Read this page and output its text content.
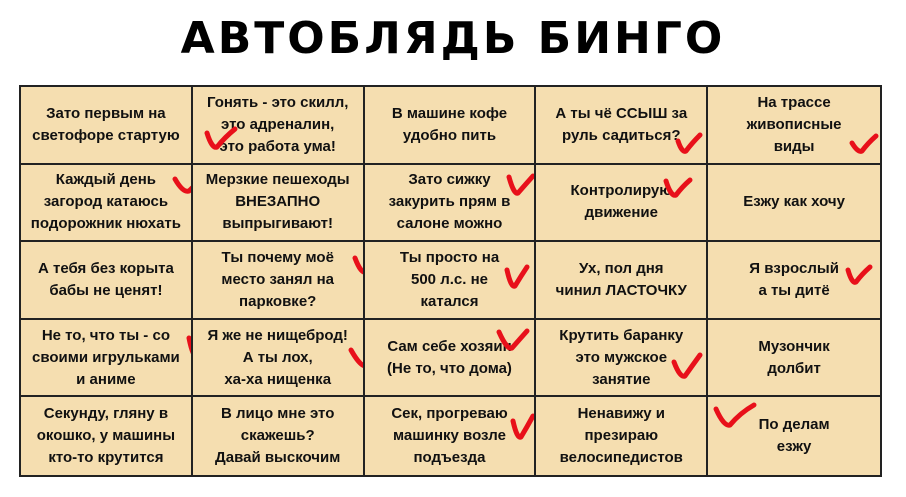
АВТОБЛЯДЬ БИНГО
Зато первым на
светофоре стартую
Гонять - это скилл,
это адреналин,
это работа ума!
В машине кофе
удобно пить
А ты чё ССЫШ за
руль садиться?
На трассе
живописные
виды
Каждый день
загород катаюсь
подорожник нюхать
Мерзкие пешеходы
ВНЕЗАПНО
выпрыгивают!
Зато сижку
закурить прям в
салоне можно
Контролирую
движение
Езжу как хочу
А тебя без корыта
бабы не ценят!
Ты почему моё
место занял на
парковке?
Ты просто на
500 л.с. не
катался
Ух, пол дня
чинил ЛАСТОЧКУ
Я взрослый
а ты дитё
Не то, что ты - со
своими игрульками
и аниме
Я же не нищеброд!
А ты лох,
ха-ха нищенка
Сам себе хозяин
(Не то, что дома)
Крутить баранку
это мужское
занятие
Музончик
долбит
Секунду, гляну в
окошко, у машины
кто-то крутится
В лицо мне это
скажешь?
Давай выскочим
Сек, прогреваю
машинку возле
подъезда
Ненавижу и
презираю
велосипедистов
По делам
езжу
